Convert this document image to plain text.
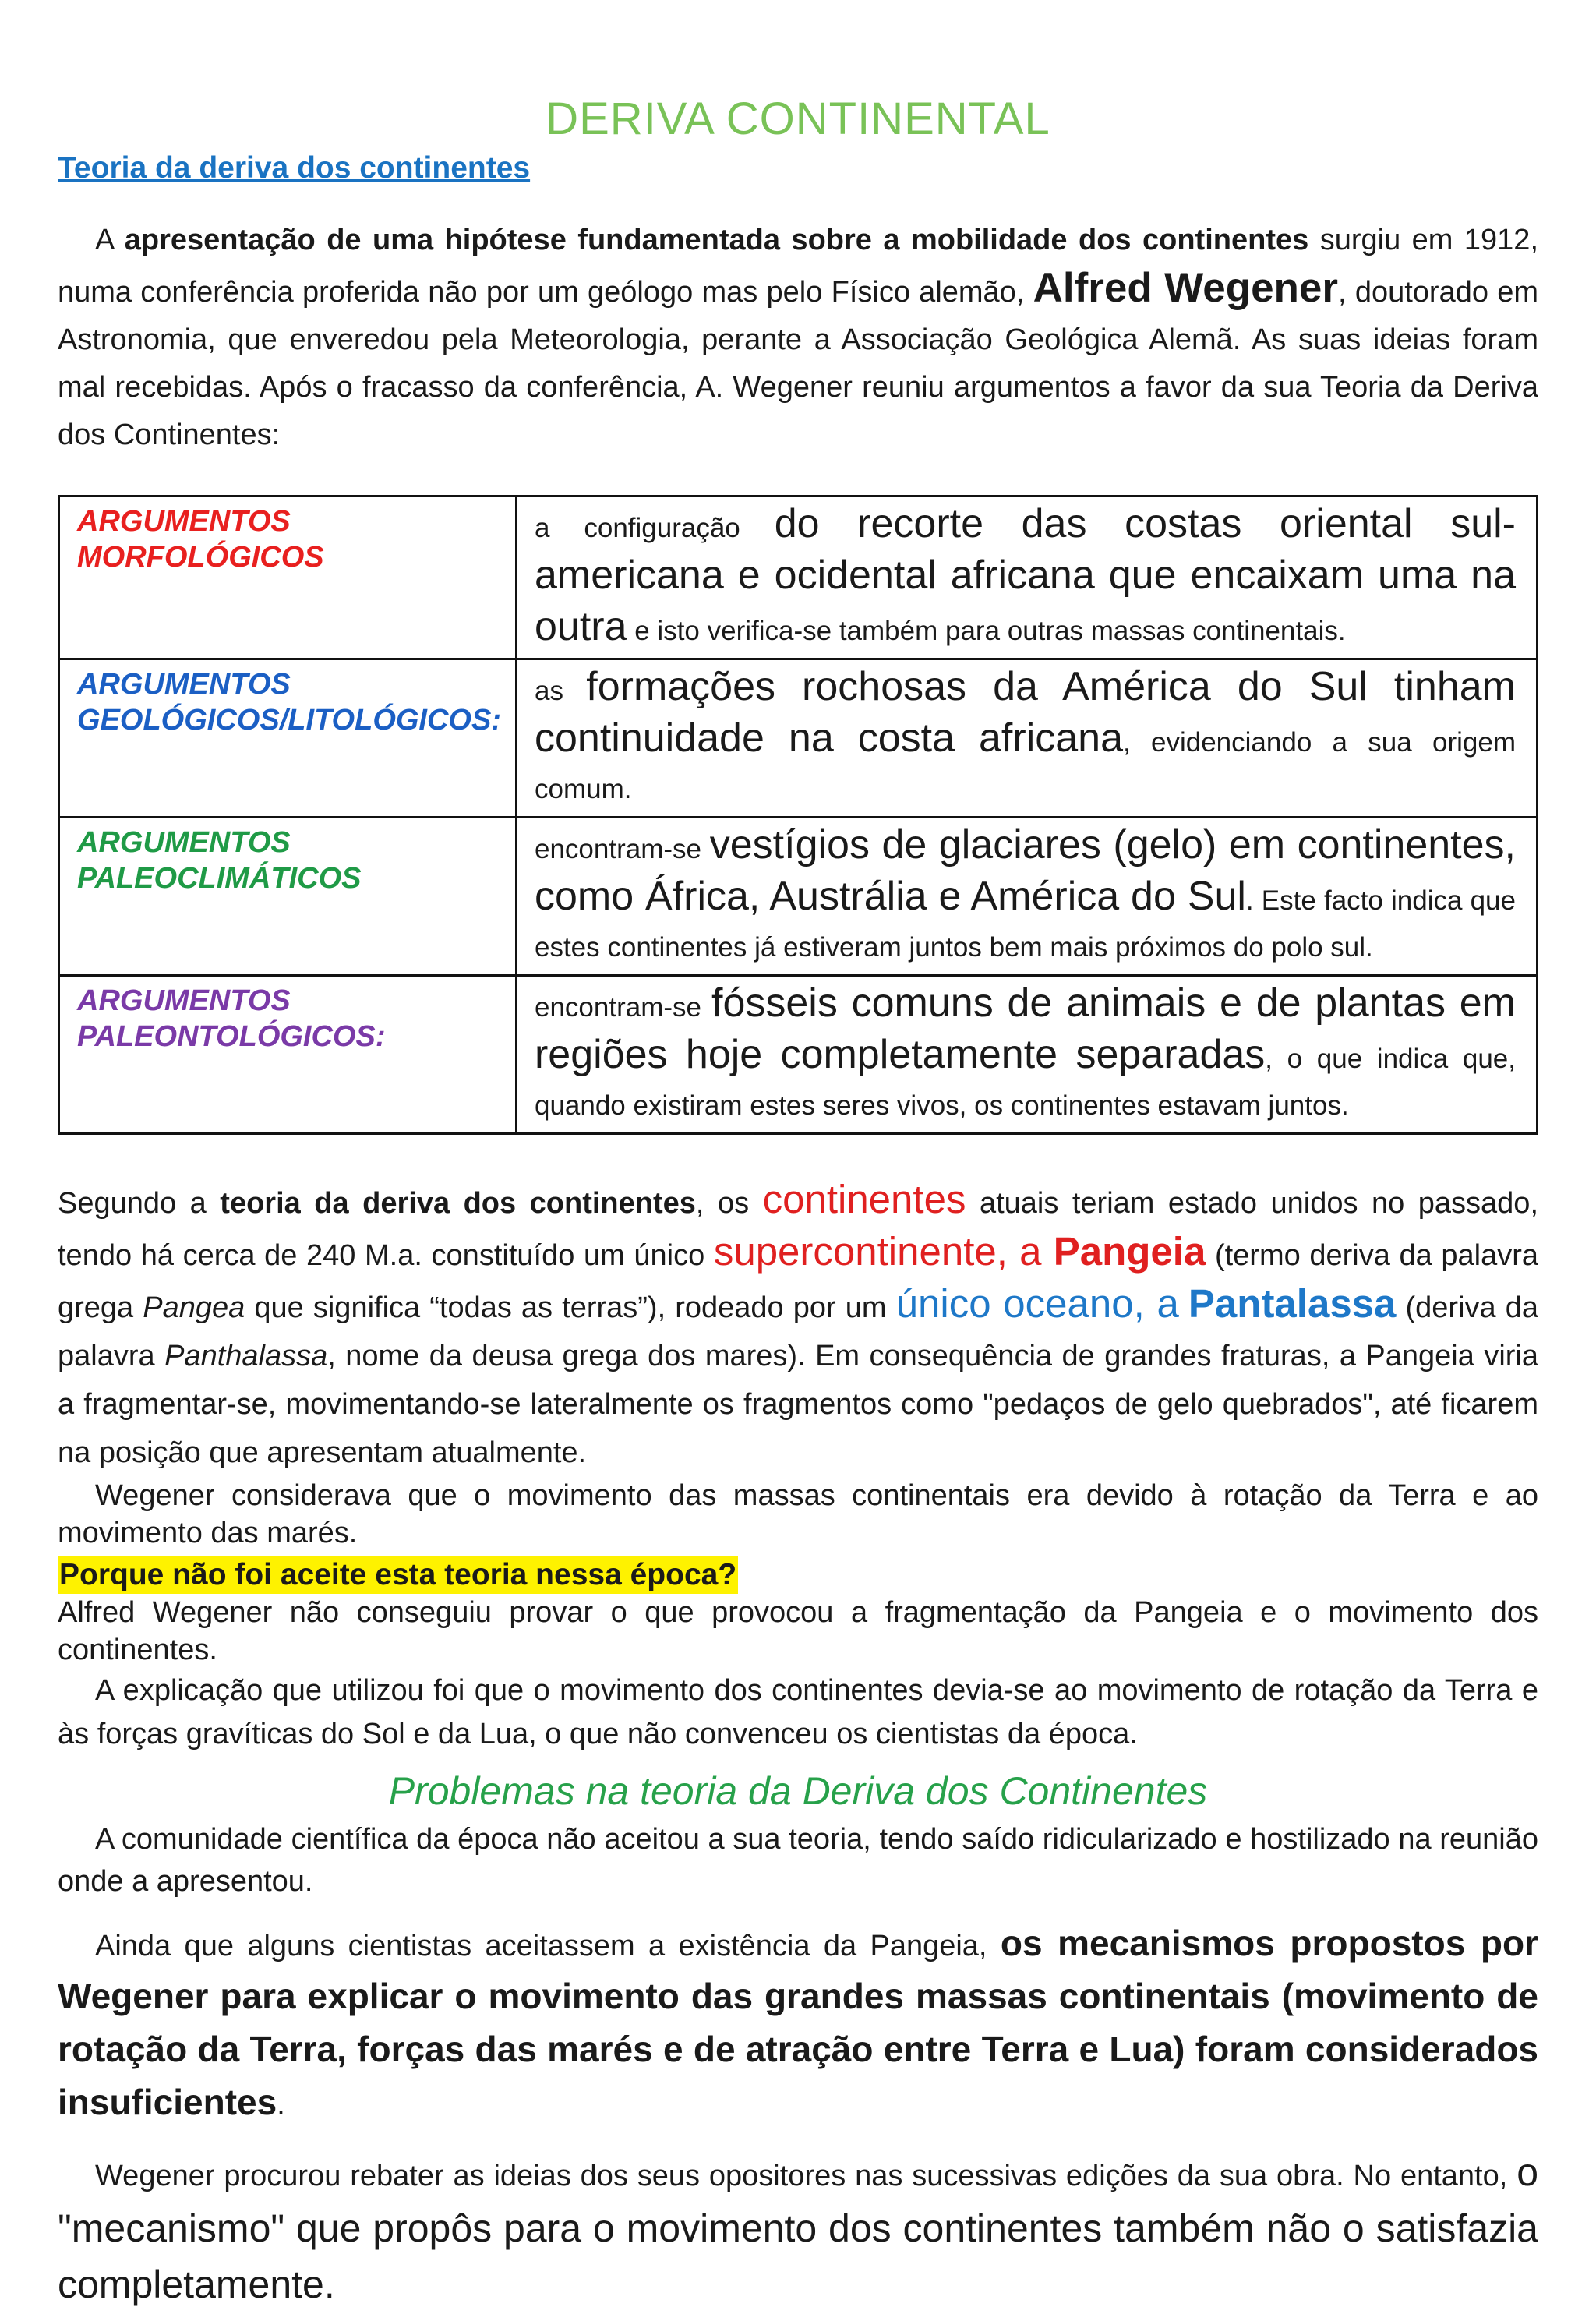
DERIVA CONTINENTAL
Teoria da deriva dos continentes

A apresentação de uma hipótese fundamentada sobre a mobilidade dos continentes surgiu em 1912, numa conferência proferida não por um geólogo mas pelo Físico alemão, Alfred Wegener, doutorado em Astronomia, que enveredou pela Meteorologia, perante a Associação Geológica Alemã. As suas ideias foram mal recebidas. Após o fracasso da conferência, A. Wegener reuniu argumentos a favor da sua Teoria da Deriva dos Continentes:

ARGUMENTOS MORFOLÓGICOS	a configuração do recorte das costas oriental sul-americana e ocidental africana que encaixam uma na outra e isto verifica-se também para outras massas continentais.
ARGUMENTOS GEOLÓGICOS/LITOLÓGICOS:	as formações rochosas da América do Sul tinham continuidade na costa africana, evidenciando a sua origem comum.
ARGUMENTOS PALEOCLIMÁTICOS	encontram-se vestígios de glaciares (gelo) em continentes, como África, Austrália e América do Sul. Este facto indica que estes continentes já estiveram juntos bem mais próximos do polo sul.
ARGUMENTOS PALEONTOLÓGICOS:	encontram-se fósseis comuns de animais e de plantas em regiões hoje completamente separadas, o que indica que, quando existiram estes seres vivos, os continentes estavam juntos.

Segundo a teoria da deriva dos continentes, os continentes atuais teriam estado unidos no passado, tendo há cerca de 240 M.a. constituído um único supercontinente, a Pangeia (termo deriva da palavra grega Pangea que significa “todas as terras”), rodeado por um único oceano, a Pantalassa (deriva da palavra Panthalassa, nome da deusa grega dos mares). Em consequência de grandes fraturas, a Pangeia viria a fragmentar-se, movimentando-se lateralmente os fragmentos como "pedaços de gelo quebrados", até ficarem na posição que apresentam atualmente.

Wegener considerava que o movimento das massas continentais era devido à rotação da Terra e ao movimento das marés.

Porque não foi aceite esta teoria nessa época?

Alfred Wegener não conseguiu provar o que provocou a fragmentação da Pangeia e o movimento dos continentes.

A explicação que utilizou foi que o movimento dos continentes devia-se ao movimento de rotação da Terra e às forças gravíticas do Sol e da Lua, o que não convenceu os cientistas da época.

Problemas na teoria da Deriva dos Continentes

A comunidade científica da época não aceitou a sua teoria, tendo saído ridicularizado e hostilizado na reunião onde a apresentou.

Ainda que alguns cientistas aceitassem a existência da Pangeia, os mecanismos propostos por Wegener para explicar o movimento das grandes massas continentais (movimento de rotação da Terra, forças das marés e de atração entre Terra e Lua) foram considerados insuficientes.

Wegener procurou rebater as ideias dos seus opositores nas sucessivas edições da sua obra. No entanto, o "mecanismo" que propôs para o movimento dos continentes também não o satisfazia completamente.
